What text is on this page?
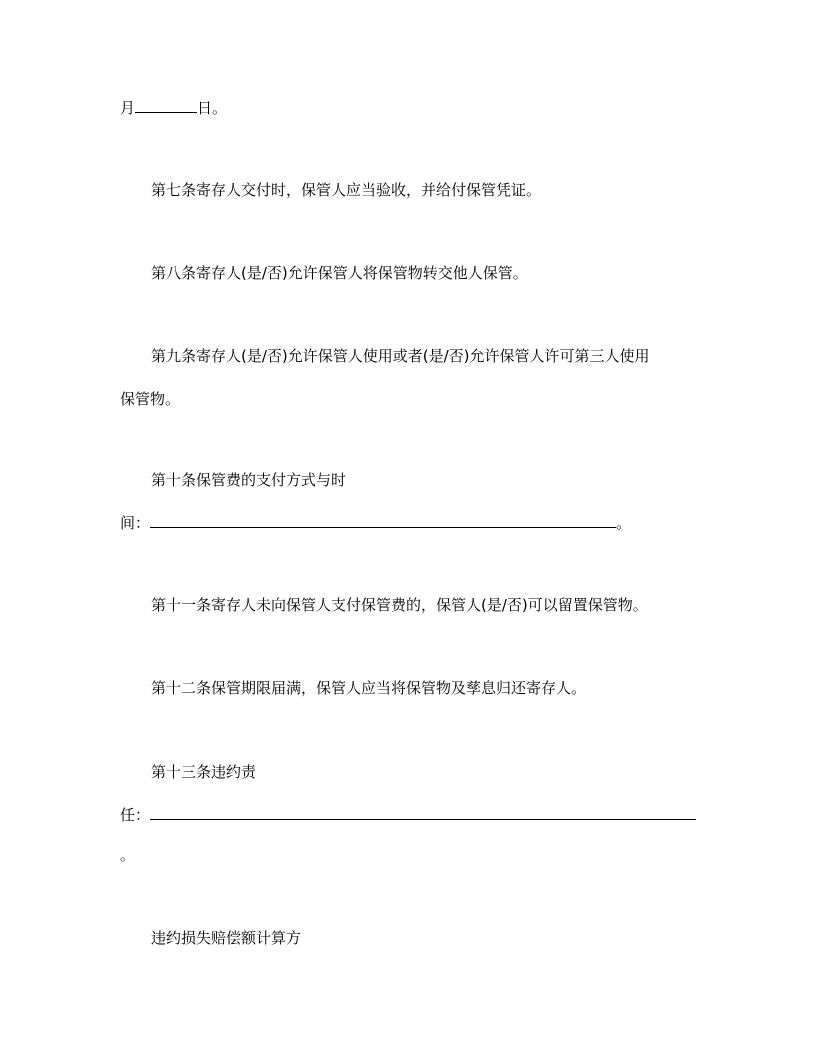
月	日。
第七条寄存人交付时，保管人应当验收，并给付保管凭证。
第八条寄存人(是/否)允许保管人将保管物转交他人保管。
第九条寄存人(是/否)允许保管人使用或者(是/否)允许保管人许可第三人使用
保管物。
第十条保管费的支付方式与时
间：	。
第十一条寄存人未向保管人支付保管费的，保管人(是/否)可以留置保管物。
第十二条保管期限届满，保管人应当将保管物及孳息归还寄存人。
第十三条违约责
任：
。
违约损失赔偿额计算方
